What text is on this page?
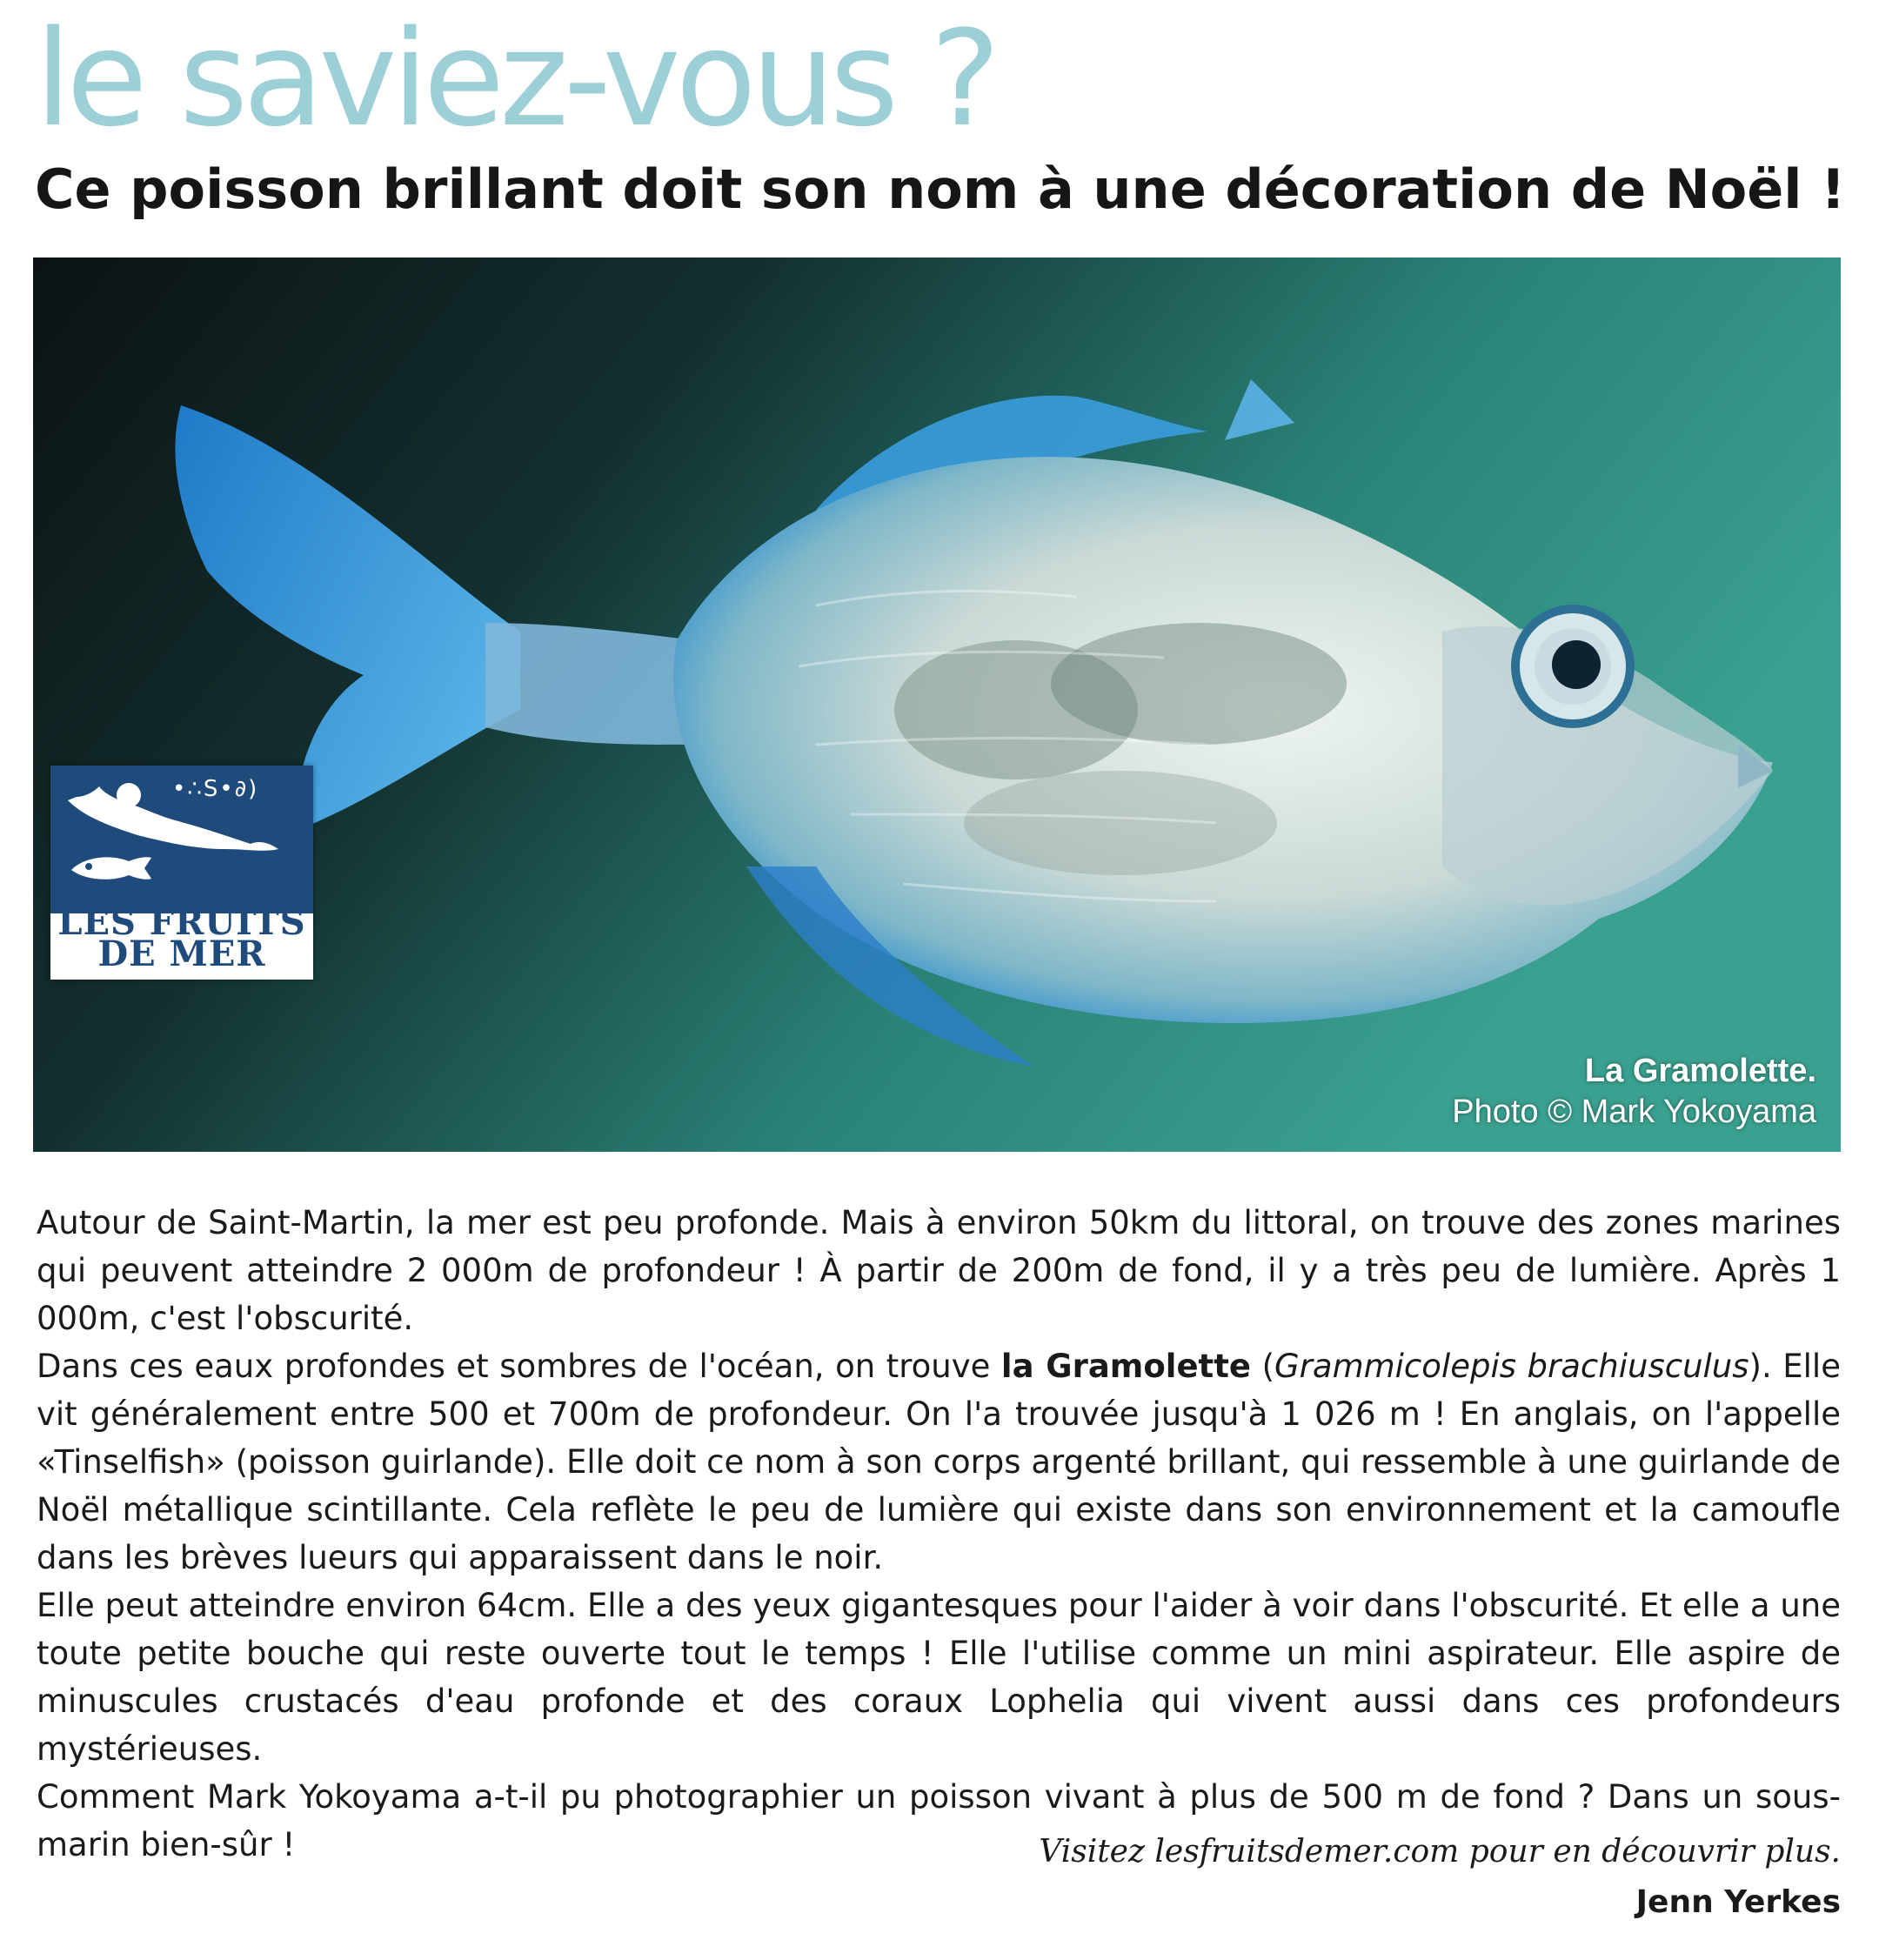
le saviez-vous ?
Ce poisson brillant doit son nom à une décoration de Noël !
•∴S•∂)
LES FRUITS
DE MER
La Gramolette.
Photo © Mark Yokoyama

Autour de Saint-Martin, la mer est peu profonde. Mais à environ 50km du littoral, on trouve des zones marines qui peuvent atteindre 2 000m de profondeur ! À partir de 200m de fond, il y a très peu de lumière. Après 1 000m, c'est l'obscurité.

Dans ces eaux profondes et sombres de l'océan, on trouve la Gramolette (Grammicolepis brachiusculus). Elle vit généralement entre 500 et 700m de profondeur. On l'a trouvée jusqu'à 1 026 m ! En anglais, on l'appelle «Tinselfish» (poisson guirlande). Elle doit ce nom à son corps argenté brillant, qui ressemble à une guirlande de Noël métallique scintillante. Cela reflète le peu de lumière qui existe dans son environnement et la camoufle dans les brèves lueurs qui apparaissent dans le noir.

Elle peut atteindre environ 64cm. Elle a des yeux gigantesques pour l'aider à voir dans l'obscurité. Et elle a une toute petite bouche qui reste ouverte tout le temps ! Elle l'utilise comme un mini aspirateur. Elle aspire de minuscules crustacés d'eau profonde et des coraux Lophelia qui vivent aussi dans ces profondeurs mystérieuses.

Comment Mark Yokoyama a-t-il pu photographier un poisson vivant à plus de 500 m de fond ? Dans un sous-marin bien-sûr !	Visitez lesfruitsdemer.com pour en découvrir plus.
Jenn Yerkes
